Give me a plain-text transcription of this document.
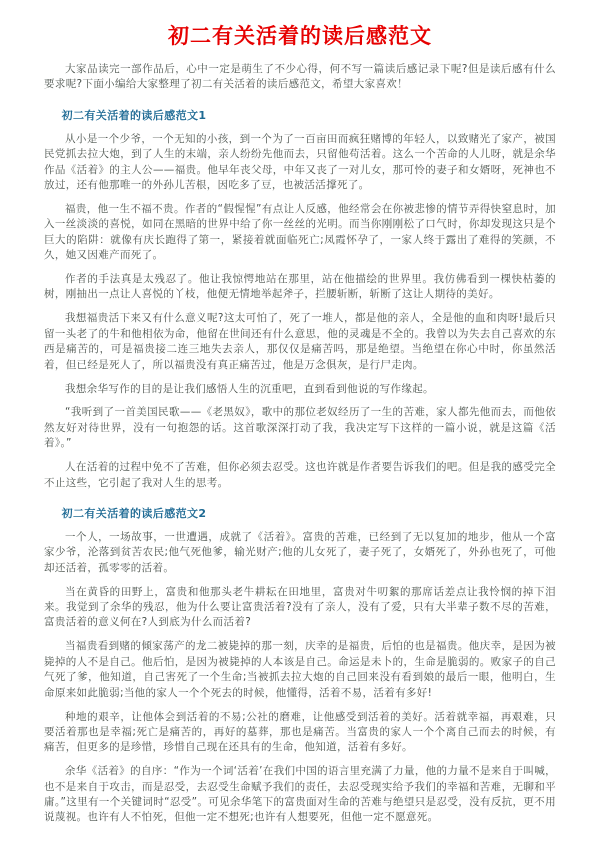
初二有关活着的读后感范文

大家品读完一部作品后，心中一定是萌生了不少心得，何不写一篇读后感记录下呢?但是读后感有什么要求呢?下面小编给大家整理了初二有关活着的读后感范文，希望大家喜欢！

初二有关活着的读后感范文1

从小是一个少爷，一个无知的小孩，到一个为了一百亩田而疯狂赌博的年轻人，以致赌光了家产，被国民党抓去拉大炮，到了人生的末端，亲人纷纷先他而去，只留他苟活着。这么一个苦命的人儿呀，就是余华作品《活着》的主人公——福贵。他早年丧父母，中年又丧了一对儿女，那可怜的妻子和女婿呀，死神也不放过，还有他那唯一的外孙儿苦根，因吃多了豆，也被活活撑死了。

福贵，他一生不福不贵。作者的“假惺惺”有点让人反感，他经常会在你被悲惨的情节弄得快窒息时，加入一丝淡淡的喜悦，如同在黑暗的世界中给了你一丝丝的光明。而当你刚刚松了口气时，你却发现这只是个巨大的陷阱：就像有庆长跑得了第一，紧接着就面临死亡;凤霞怀孕了，一家人终于露出了难得的笑颜，不久，她又因难产而死了。

作者的手法真是太残忍了。他让我惊愕地站在那里，站在他描绘的世界里。我仿佛看到一棵快枯萎的树，刚抽出一点让人喜悦的丫枝，他便无情地举起斧子，拦腰斩断，斩断了这让人期待的美好。

我想福贵活下来又有什么意义呢?这太可怕了，死了一堆人，都是他的亲人，全是他的血和肉呀!最后只留一头老了的牛和他相依为命，他留在世间还有什么意思，他的灵魂是不全的。我曾以为失去自己喜欢的东西是痛苦的，可是福贵接二连三地失去亲人，那仅仅是痛苦吗，那是绝望。当绝望在你心中时，你虽然活着，但已经是死人了，所以福贵没有真正痛苦过，他是万念俱灰，是行尸走肉。

我想余华写作的目的是让我们感悟人生的沉重吧，直到看到他说的写作缘起。

“我听到了一首美国民歌——《老黑奴》，歌中的那位老奴经历了一生的苦难，家人都先他而去，而他依然友好对待世界，没有一句抱怨的话。这首歌深深打动了我，我决定写下这样的一篇小说，就是这篇《活着》。”

人在活着的过程中免不了苦难，但你必须去忍受。这也许就是作者要告诉我们的吧。但是我的感受完全不止这些，它引起了我对人生的思考。

初二有关活着的读后感范文2

一个人，一场故事，一世遭遇，成就了《活着》。富贵的苦难，已经到了无以复加的地步，他从一个富家少爷，沦落到贫苦农民;他气死他爹，输光财产;他的儿女死了，妻子死了，女婿死了，外孙也死了，可他却还活着，孤零零的活着。

当在黄昏的田野上，富贵和他那头老牛耕耘在田地里，富贵对牛叨絮的那席话差点让我怜悯的掉下泪来。我觉到了余华的残忍，他为什么要让富贵活着?没有了亲人，没有了爱，只有大半辈子数不尽的苦难，富贵活着的意义何在?人到底为什么而活着?

当福贵看到赌的倾家荡产的龙二被毙掉的那一刻，庆幸的是福贵，后怕的也是福贵。他庆幸，是因为被毙掉的人不是自己。他后怕，是因为被毙掉的人本该是自己。命运是未卜的，生命是脆弱的。败家子的自己气死了爹，他知道，自己害死了一个生命;当被抓去拉大炮的自己回来没有看到娘的最后一眼，他明白，生命原来如此脆弱;当他的家人一个个死去的时候，他懂得，活着不易，活着有多好!

种地的艰辛，让他体会到活着的不易;公社的磨难，让他感受到活着的美好。活着就幸福，再艰难，只要活着那也是幸福;死亡是痛苦的，再好的墓葬，那也是痛苦。当富贵的家人一个个离自己而去的时候，有痛苦，但更多的是珍惜，珍惜自己现在还具有的生命，他知道，活着有多好。

余华《活着》的自序：“作为一个词‘活着’在我们中国的语言里充满了力量，他的力量不是来自于叫喊，也不是来自于攻击，而是忍受，去忍受生命赋予我们的责任，去忍受现实给予我们的幸福和苦难，无聊和平庸。”这里有一个关键词时“忍受”。可见余华笔下的富贵面对生命的苦难与绝望只是忍受，没有反抗，更不用说蔑视。也许有人不怕死，但他一定不想死;也许有人想要死，但他一定不愿意死。
